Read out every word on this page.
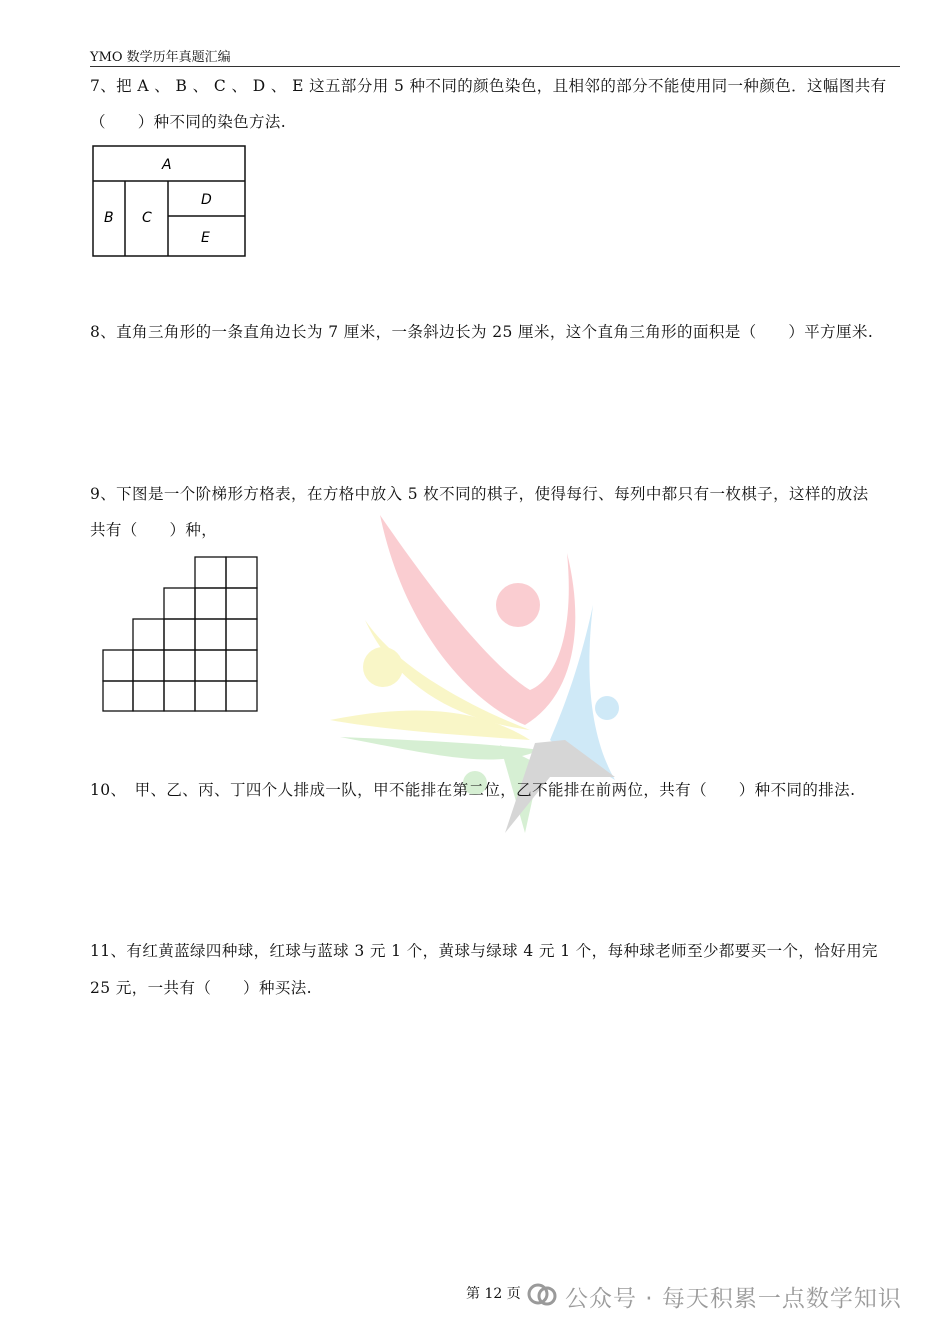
YMO 数学历年真题汇编
7、把 A 、 B 、 C 、 D 、 E 这五部分用 5 种不同的颜色染色，且相邻的部分不能使用同一种颜色．这幅图共有
（　　）种不同的染色方法.
A
B C
D
E
8、直角三角形的一条直角边长为 7 厘米，一条斜边长为 25 厘米，这个直角三角形的面积是（　　）平方厘米.
9、下图是一个阶梯形方格表，在方格中放入 5 枚不同的棋子，使得每行、每列中都只有一枚棋子，这样的放法
共有（　　）种，
10、　甲、乙、丙、丁四个人排成一队，甲不能排在第二位，乙不能排在前两位，共有（　　）种不同的排法.
11、有红黄蓝绿四种球，红球与蓝球 3 元 1 个，黄球与绿球 4 元 1 个，每种球老师至少都要买一个，恰好用完
25 元，一共有（　　）种买法.
第 12 页 公众号 · 每天积累一点数学知识
